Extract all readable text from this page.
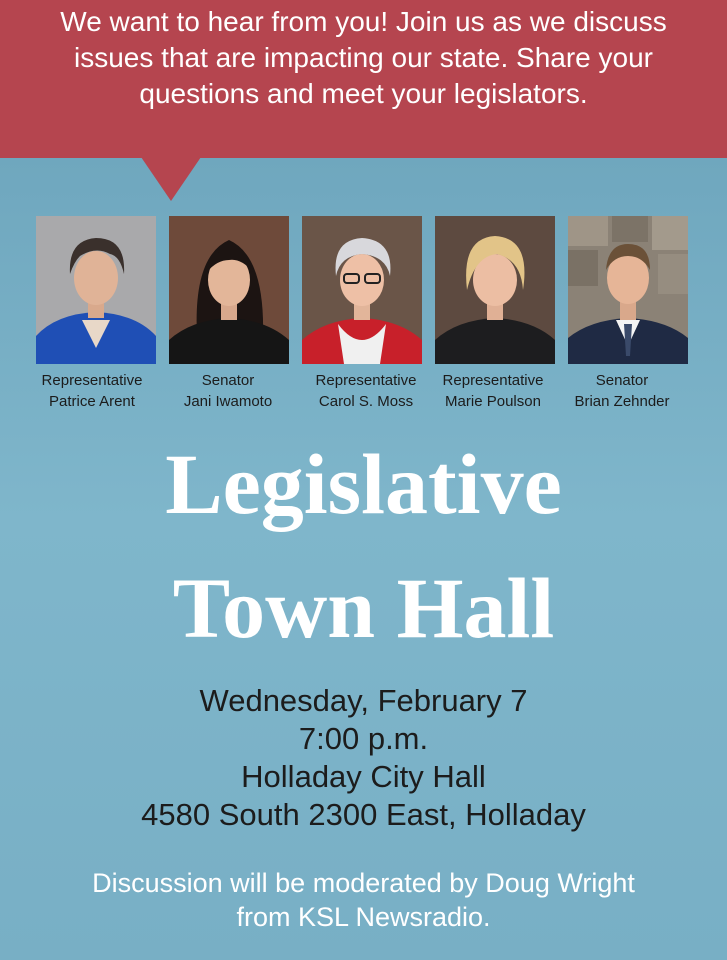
We want to hear from you! Join us as we discuss
issues that are impacting our state. Share your
questions and meet your legislators.
Representative
Patrice Arent
Senator
Jani Iwamoto
Representative
Carol S. Moss
Representative
Marie Poulson
Senator
Brian Zehnder
Legislative
Town Hall
Wednesday, February 7
7:00 p.m.
Holladay City Hall
4580 South 2300 East, Holladay
Discussion will be moderated by Doug Wright
from KSL Newsradio.
